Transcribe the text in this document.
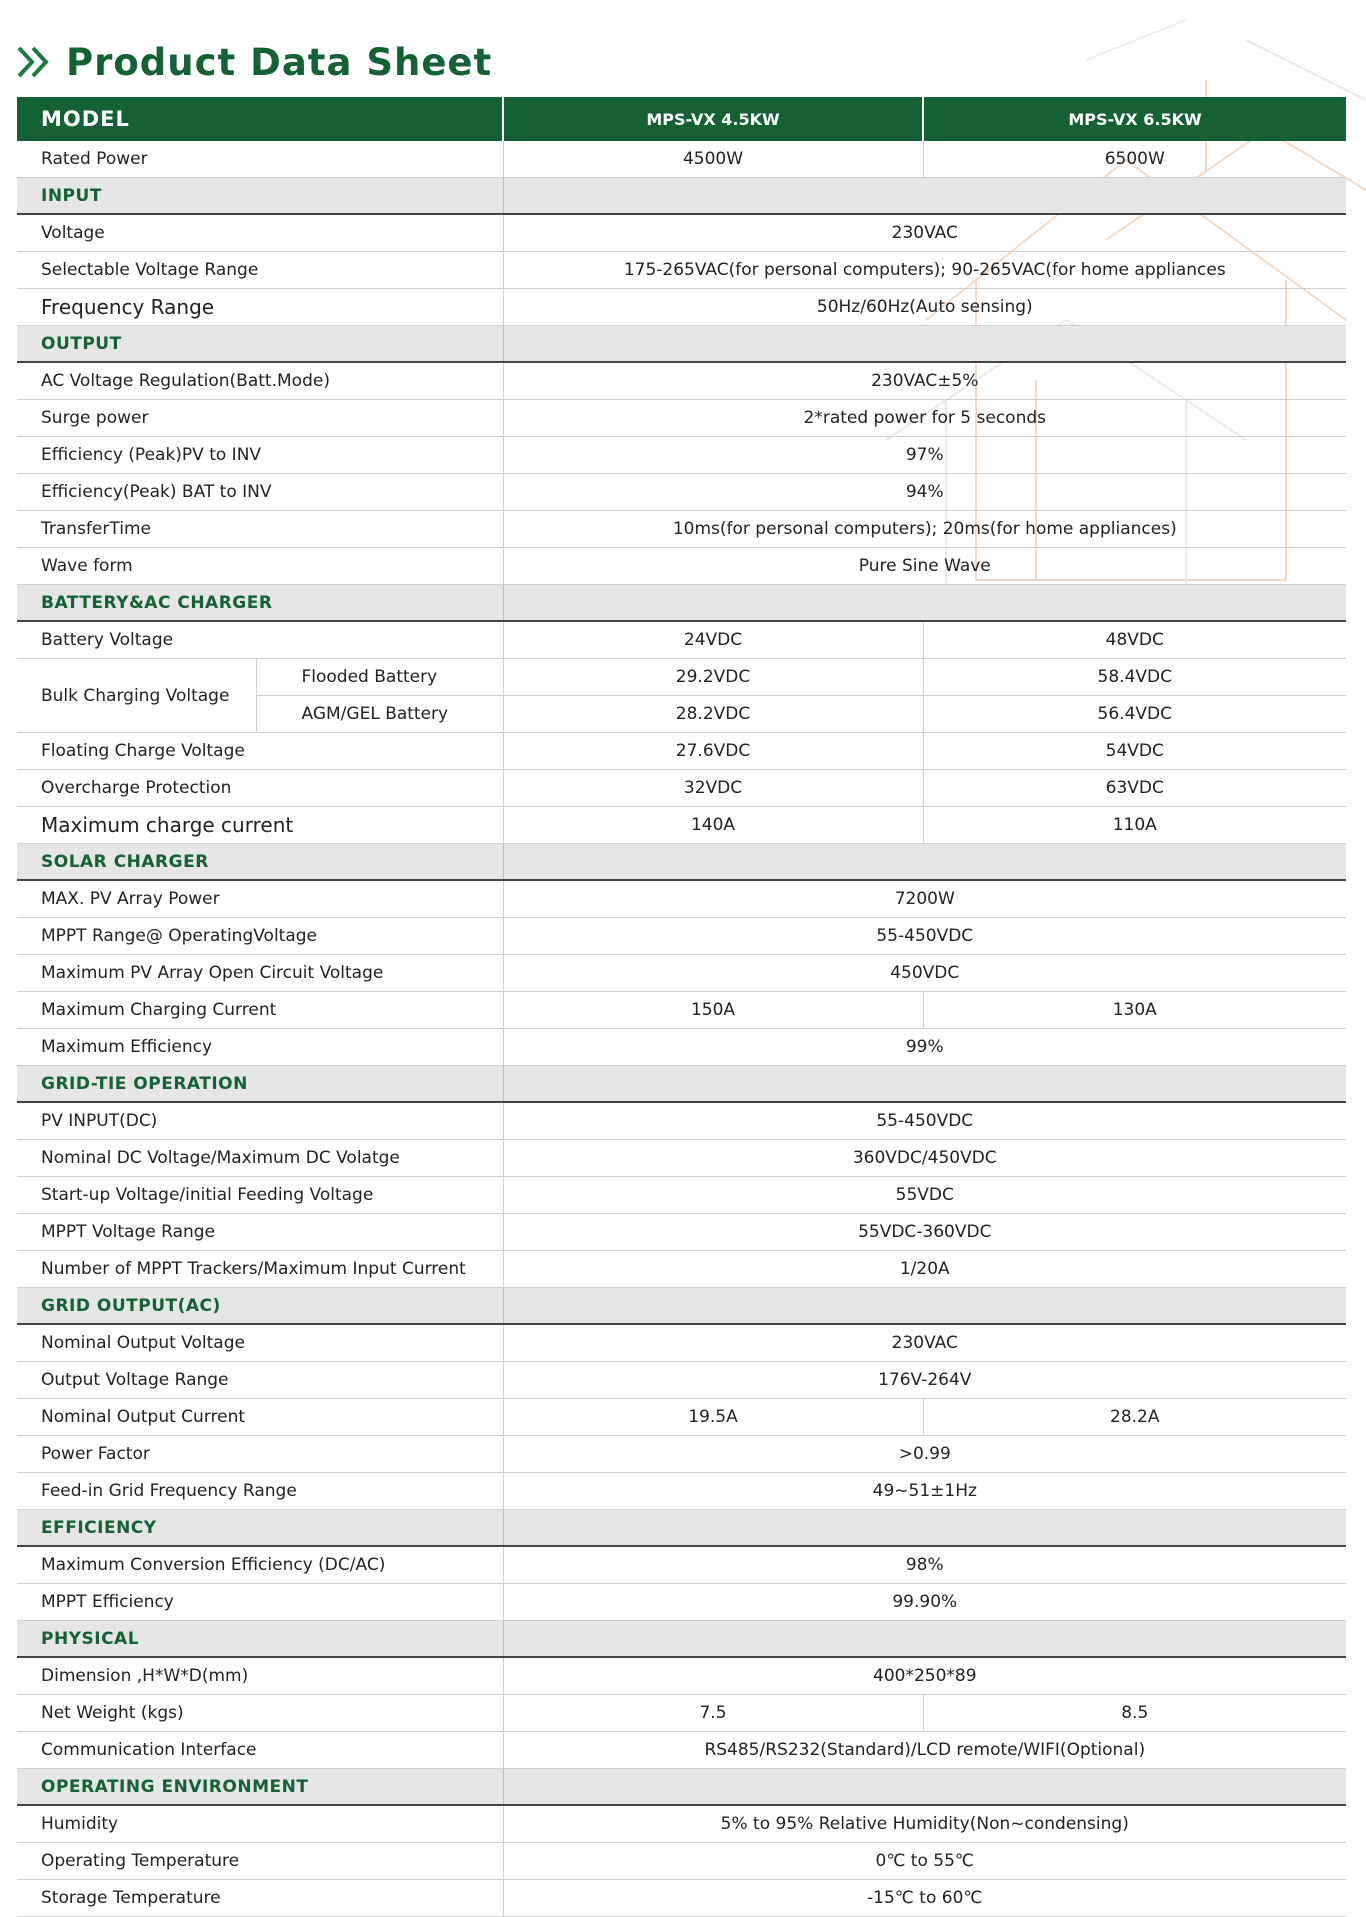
Product Data Sheet
MODEL		MPS-VX 4.5KW	MPS-VX 6.5KW
Rated Power		4500W	6500W
INPUT			
Voltage		230VAC	
Selectable Voltage Range		175-265VAC(for personal computers); 90-265VAC(for home appliances	
Frequency Range		50Hz/60Hz(Auto sensing)	
OUTPUT			
AC Voltage Regulation(Batt.Mode)		230VAC±5%	
Surge power		2*rated power for 5 seconds	
Efficiency (Peak)PV to INV		97%	
Efficiency(Peak) BAT to INV		94%	
TransferTime		10ms(for personal computers); 20ms(for home appliances)	
Wave form		Pure Sine Wave	
BATTERY&AC CHARGER			
Battery Voltage		24VDC	48VDC
Bulk Charging Voltage	Flooded Battery	29.2VDC	58.4VDC
	AGM/GEL Battery	28.2VDC	56.4VDC
Floating Charge Voltage		27.6VDC	54VDC
Overcharge Protection		32VDC	63VDC
Maximum charge current		140A	110A
SOLAR CHARGER			
MAX. PV Array Power		7200W	
MPPT Range@ OperatingVoltage		55-450VDC	
Maximum PV Array Open Circuit Voltage		450VDC	
Maximum Charging Current		150A	130A
Maximum Efficiency		99%	
GRID-TIE OPERATION			
PV INPUT(DC)		55-450VDC	
Nominal DC Voltage/Maximum DC Volatge		360VDC/450VDC	
Start-up Voltage/initial Feeding Voltage		55VDC	
MPPT Voltage Range		55VDC-360VDC	
Number of MPPT Trackers/Maximum Input Current		1/20A	
GRID OUTPUT(AC)			
Nominal Output Voltage		230VAC	
Output Voltage Range		176V-264V	
Nominal Output Current		19.5A	28.2A
Power Factor		>0.99	
Feed-in Grid Frequency Range		49~51±1Hz	
EFFICIENCY			
Maximum Conversion Efficiency (DC/AC)		98%	
MPPT Efficiency		99.90%	
PHYSICAL			
Dimension ,H*W*D(mm)		400*250*89	
Net Weight (kgs)		7.5	8.5
Communication Interface		RS485/RS232(Standard)/LCD remote/WIFI(Optional)	
OPERATING ENVIRONMENT			
Humidity		5% to 95% Relative Humidity(Non~condensing)	
Operating Temperature		0℃ to 55℃	
Storage Temperature		-15℃ to 60℃	
